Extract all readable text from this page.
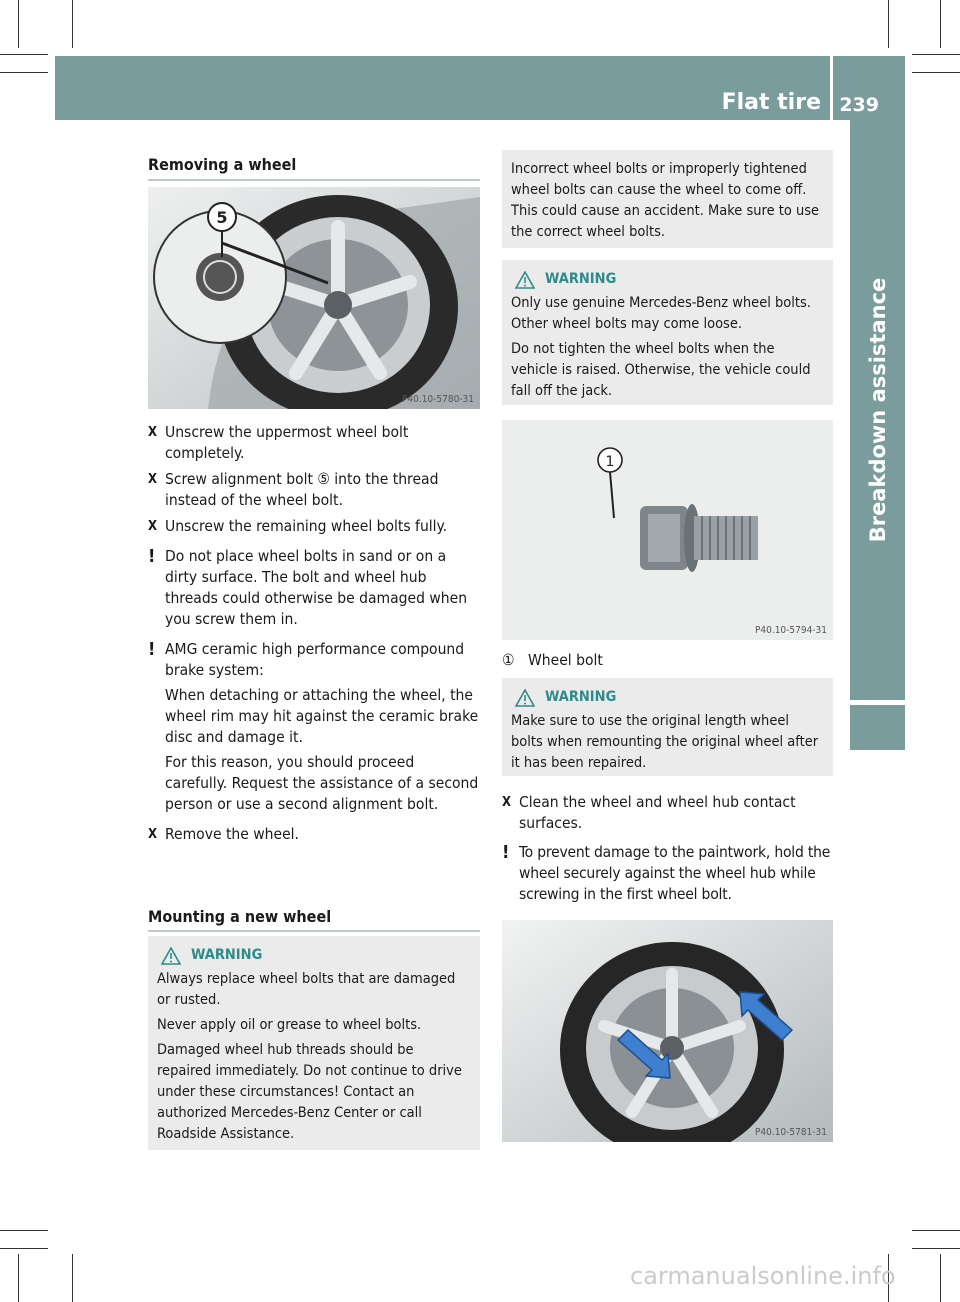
Flat tire 239
Breakdown assistance
Removing a wheel
5
P40.10-5780-31
X Unscrew the uppermost wheel bolt completely.

X Screw alignment bolt ⑤ into the thread instead of the wheel bolt.

X Unscrew the remaining wheel bolts fully.

! Do not place wheel bolts in sand or on a dirty surface. The bolt and wheel hub threads could otherwise be damaged when you screw them in.

! AMG ceramic high performance compound brake system:

When detaching or attaching the wheel, the wheel rim may hit against the ceramic brake disc and damage it.

For this reason, you should proceed carefully. Request the assistance of a second person or use a second alignment bolt.

X Remove the wheel.

Mounting a new wheel
WARNING

Always replace wheel bolts that are damaged or rusted.

Never apply oil or grease to wheel bolts.

Damaged wheel hub threads should be repaired immediately. Do not continue to drive under these circumstances! Contact an authorized Mercedes-Benz Center or call Roadside Assistance.

Incorrect wheel bolts or improperly tightened wheel bolts can cause the wheel to come off. This could cause an accident. Make sure to use the correct wheel bolts.

WARNING

Only use genuine Mercedes-Benz wheel bolts. Other wheel bolts may come loose.

Do not tighten the wheel bolts when the vehicle is raised. Otherwise, the vehicle could fall off the jack.

1
P40.10-5794-31
① Wheel bolt
WARNING

Make sure to use the original length wheel bolts when remounting the original wheel after it has been repaired.

X Clean the wheel and wheel hub contact surfaces.

! To prevent damage to the paintwork, hold the wheel securely against the wheel hub while screwing in the first wheel bolt.

P40.10-5781-31
carmanualsonline.info
